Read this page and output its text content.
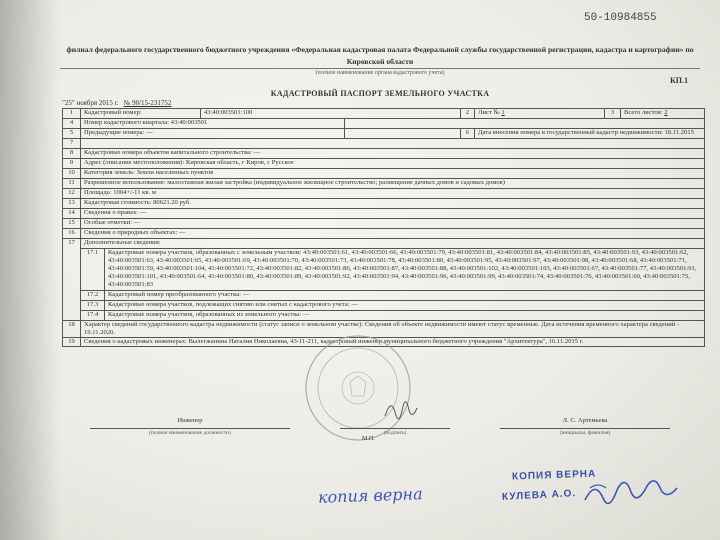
50-10984855
филиал федерального государственного бюджетного учреждения «Федеральная кадастровая палата Федеральной службы государственной регистрации, кадастра и картографии» по Кировской области
(полное наименование органа кадастрового учета)
КП.1
КАДАСТРОВЫЙ ПАСПОРТ ЗЕМЕЛЬНОГО УЧАСТКА
"25" ноября 2015 г. № 90/15-231752
1	Кадастровый номер:		43:40:003501:100		2	Лист № 1	3	Всего листов: 2
4	Номер кадастрового квартала: 43:40:003501							
5	Предыдущие номера: —				6	Дата внесения номера в государственный кадастр недвижимости: 18.11.2015		
7								
8	Кадастровые номера объектов капитального строительства: —							
9	Адрес (описание местоположения): Кировская область, г Киров, с Русское							
10	Категория земель: Земли населенных пунктов							
11	Разрешенное использование: малоэтажная жилая застройка (индивидуальное жилищное строительство; размещение дачных домов и садовых домов)							
12	Площадь: 1004+/-11 кв. м							
13	Кадастровая стоимость: 80621.20 руб.							
14	Сведения о правах: —							
15	Особые отметки: —							
16	Сведения о природных объектах: —							
17	Дополнительные сведения:							
	17.1	Кадастровые номера участков, образованных с земельным участком: 43:40:003501:61, 43:40:003501:66, 43:40:003501:79, 43:40:003501:81, 43:40:003501:84, 43:40:003501:85, 43:40:003501:93, 43:40:003501:62, 43:40:003501:63, 43:40:003501:65, 43:40:003501:69, 43:40:003501:70, 43:40:003501:73, 43:40:003501:78, 43:40:003501:80, 43:40:003501:95, 43:40:003501:97, 43:40:003501:98, 43:40:003501:68, 43:40:003501:71, 43:40:003501:59, 43:40:003501:104, 43:40:003501:72, 43:40:003501:82, 43:40:003501:86, 43:40:003501:87, 43:40:003501:88, 43:40:003501:102, 43:40:003501:103, 43:40:003501:67, 43:40:003501:77, 43:40:003501:91, 43:40:003501:101, 43:40:003501:64, 43:40:003501:80, 43:40:003501:89, 43:40:003501:92, 43:40:003501:94, 43:40:003501:96, 43:40:003501:99, 43:40:003501:74, 43:40:003501:76, 43:40:003501:60, 43:40:003501:75, 43:40:003501:83						
	17.2	Кадастровый номер преобразованного участка: —						
	17.3	Кадастровые номера участков, подлежащих снятию или снятых с кадастрового учета: —						
	17.4	Кадастровые номера участков, образованных из земельного участка: —						
18	Характер сведений государственного кадастра недвижимости (статус записи о земельном участке): Сведения об объекте недвижимости имеют статус временные. Дата истечения временного характера сведений - 19.11.2020.							
19	Сведения о кадастровых инженерах: Вылегжанина Наталия Николаевна, 43-11-211, кадастровый инженер муниципального бюджетного учреждения "Архитектура", 16.11.2015 г.							
Инженер
(полное наименование должности)	(подпись)
Л. С. Артемьева
(инициалы, фамилия)
М.П.
КОПИЯ ВЕРНА
КУЛЕВА А.О.
копия верна
